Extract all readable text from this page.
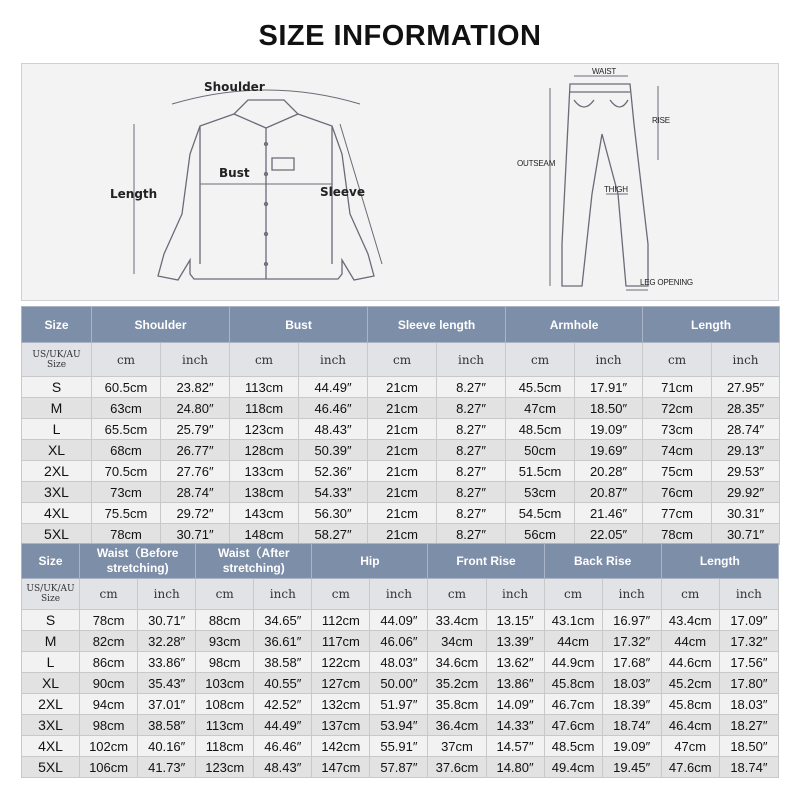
SIZE INFORMATION
Shoulder
Bust
Length	Sleeve
WAIST
RISE
OUTSEAM
THIGH
LEG OPENING
Size	Shoulder		Bust		Sleeve length		Armhole		Length	
US/UK/AU Size	cm	inch	cm	inch	cm	inch	cm	inch	cm	inch
S	60.5cm	23.82″	113cm	44.49″	21cm	8.27″	45.5cm	17.91″	71cm	27.95″
M	63cm	24.80″	118cm	46.46″	21cm	8.27″	47cm	18.50″	72cm	28.35″
L	65.5cm	25.79″	123cm	48.43″	21cm	8.27″	48.5cm	19.09″	73cm	28.74″
XL	68cm	26.77″	128cm	50.39″	21cm	8.27″	50cm	19.69″	74cm	29.13″
2XL	70.5cm	27.76″	133cm	52.36″	21cm	8.27″	51.5cm	20.28″	75cm	29.53″
3XL	73cm	28.74″	138cm	54.33″	21cm	8.27″	53cm	20.87″	76cm	29.92″
4XL	75.5cm	29.72″	143cm	56.30″	21cm	8.27″	54.5cm	21.46″	77cm	30.31″
5XL	78cm	30.71″	148cm	58.27″	21cm	8.27″	56cm	22.05″	78cm	30.71″
Size	Waist（Before stretching)		Waist（After stretching)		Hip		Front Rise		Back Rise		Length	
US/UK/AU Size	cm	inch	cm	inch	cm	inch	cm	inch	cm	inch	cm	inch
S	78cm	30.71″	88cm	34.65″	112cm	44.09″	33.4cm	13.15″	43.1cm	16.97″	43.4cm	17.09″
M	82cm	32.28″	93cm	36.61″	117cm	46.06″	34cm	13.39″	44cm	17.32″	44cm	17.32″
L	86cm	33.86″	98cm	38.58″	122cm	48.03″	34.6cm	13.62″	44.9cm	17.68″	44.6cm	17.56″
XL	90cm	35.43″	103cm	40.55″	127cm	50.00″	35.2cm	13.86″	45.8cm	18.03″	45.2cm	17.80″
2XL	94cm	37.01″	108cm	42.52″	132cm	51.97″	35.8cm	14.09″	46.7cm	18.39″	45.8cm	18.03″
3XL	98cm	38.58″	113cm	44.49″	137cm	53.94″	36.4cm	14.33″	47.6cm	18.74″	46.4cm	18.27″
4XL	102cm	40.16″	118cm	46.46″	142cm	55.91″	37cm	14.57″	48.5cm	19.09″	47cm	18.50″
5XL	106cm	41.73″	123cm	48.43″	147cm	57.87″	37.6cm	14.80″	49.4cm	19.45″	47.6cm	18.74″
